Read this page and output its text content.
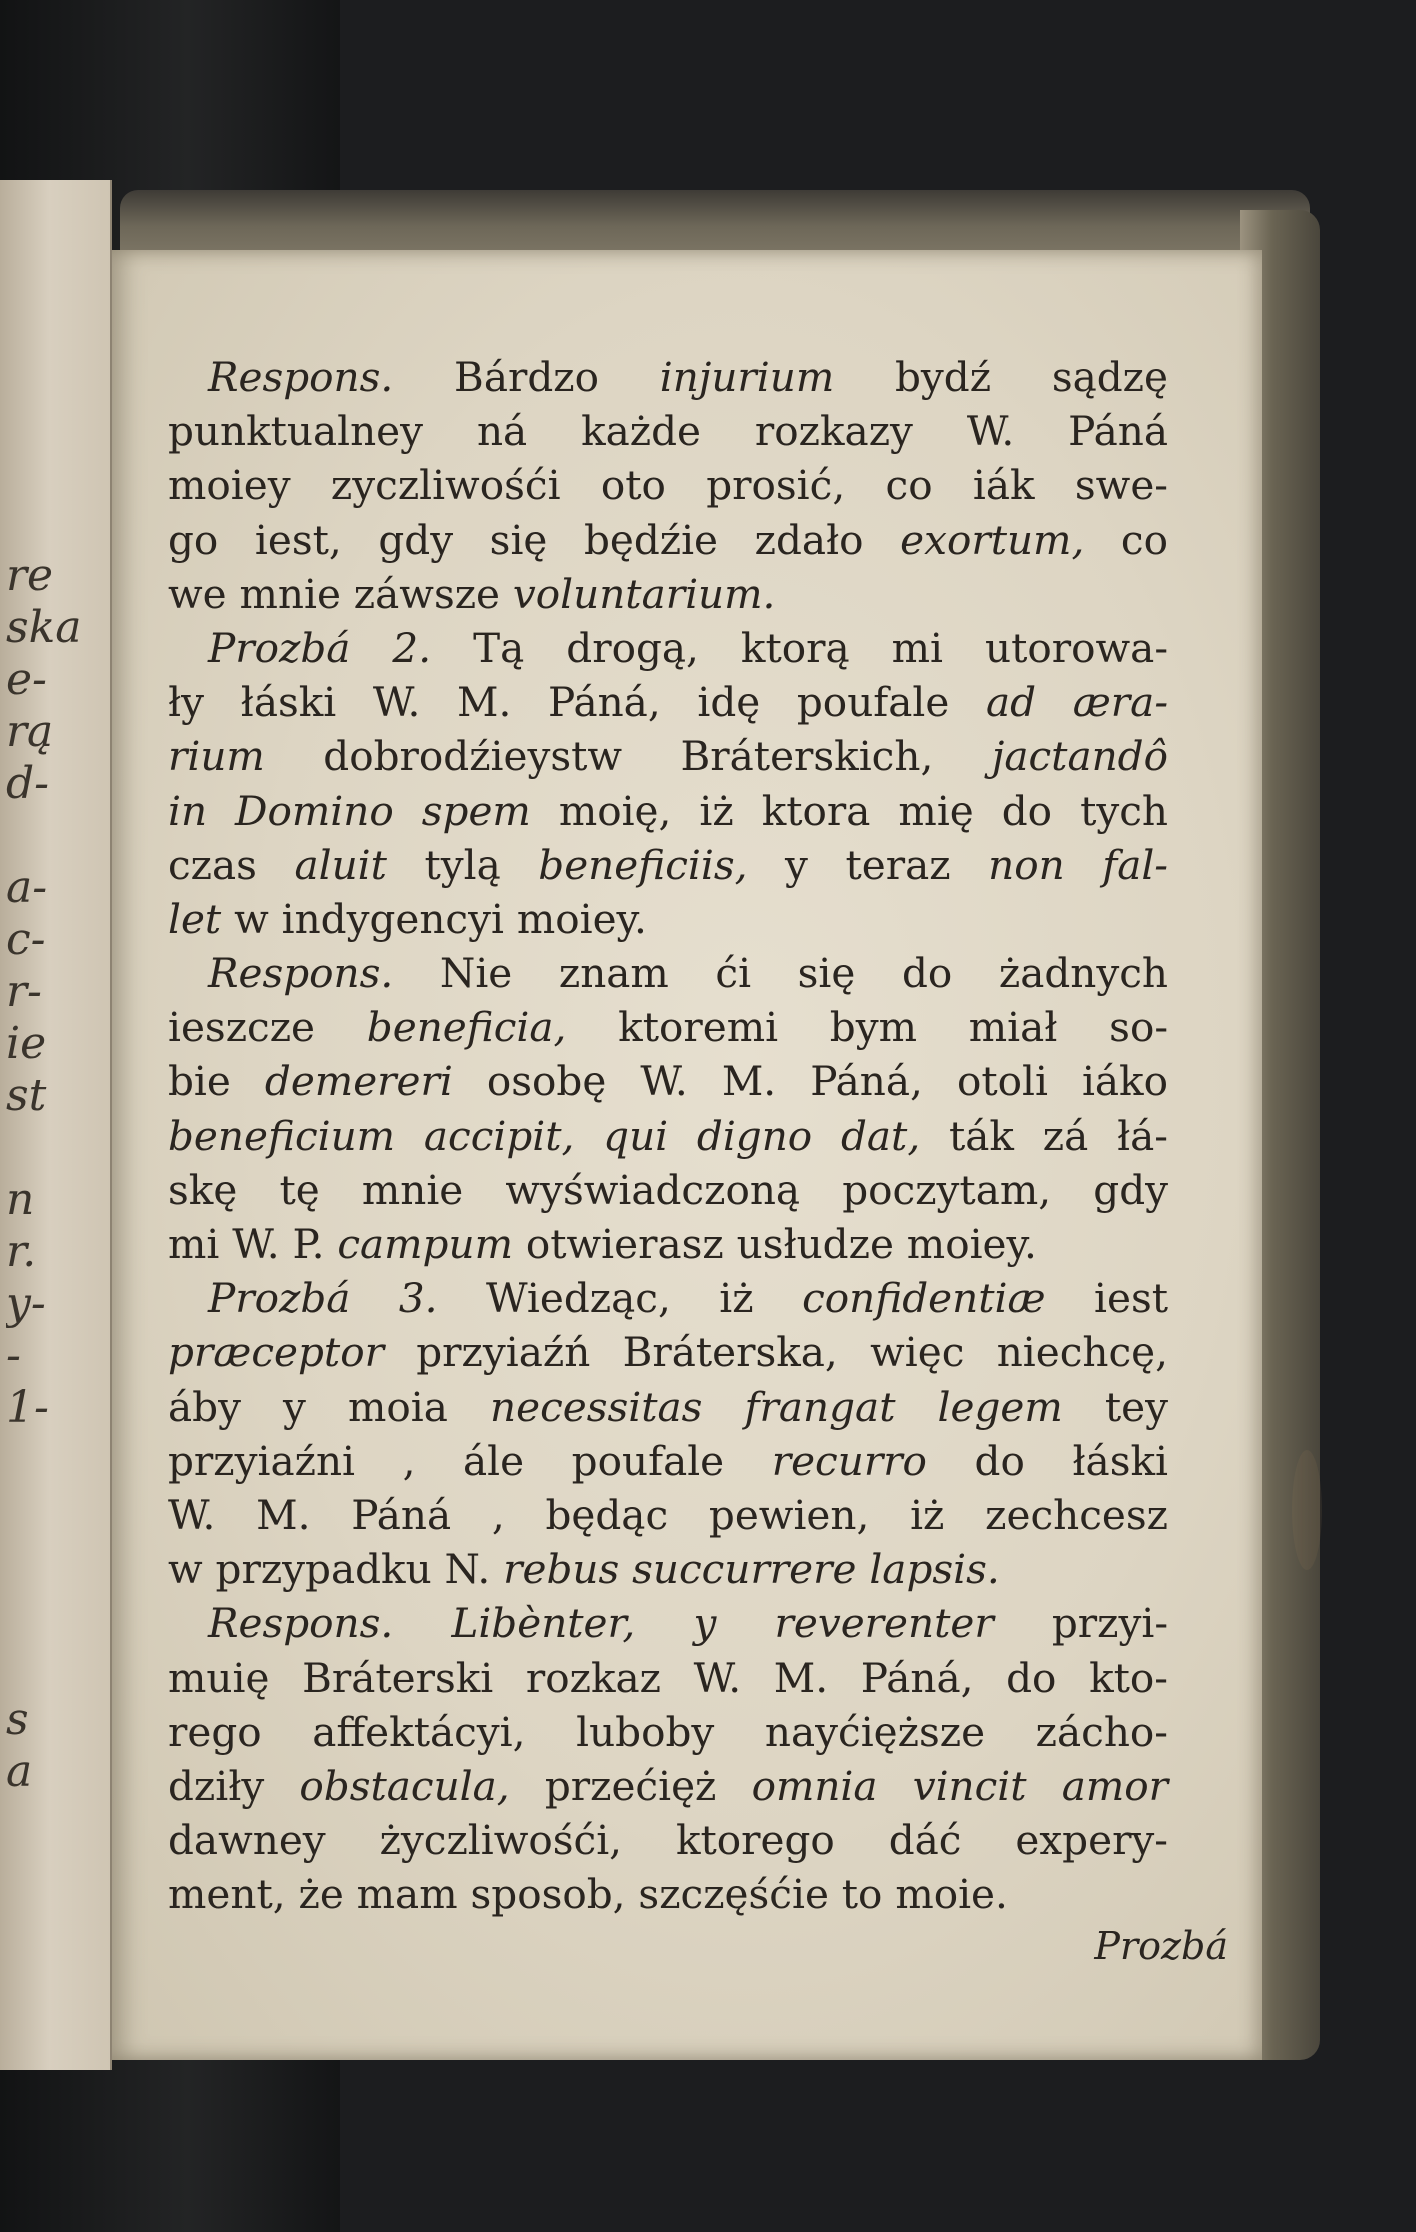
re
ska
e-
rą
d-
a-
c-
r-
ie
st
n
r.
y-
-
1-
s
a
Respons. Bárdzo injurium bydź sądzę
punktualney ná każde rozkazy W. Páná
moiey zyczliwośći oto prosić, co iák swe-
go iest, gdy się będźie zdało exortum, co
we mnie záwsze voluntarium.
Prozbá 2. Tą drogą, ktorą mi utorowa-
ły łáski W. M. Páná, idę poufale ad æra-
rium dobrodźieystw Bráterskich, jactandô
in Domino spem moię, iż ktora mię do tych
czas aluit tylą beneficiis, y teraz non fal-
let w indygencyi moiey.
Respons. Nie znam ći się do żadnych
ieszcze beneficia, ktoremi bym miał so-
bie demereri osobę W. M. Páná, otoli iáko
beneficium accipit, qui digno dat, ták zá łá-
skę tę mnie wyświadczoną poczytam, gdy
mi W. P. campum otwierasz usłudze moiey.
Prozbá 3. Wiedząc, iż confidentiæ iest
præceptor przyiaźń Bráterska, więc niechcę,
áby y moia necessitas frangat legem tey
przyiaźni , ále poufale recurro do łáski
W. M. Páná , będąc pewien, iż zechcesz
w przypadku N. rebus succurrere lapsis.
Respons. Libènter, y reverenter przyi-
muię Bráterski rozkaz W. M. Páná, do kto-
rego affektácyi, luboby nayćięższe zácho-
dziły obstacula, przećięż omnia vincit amor
dawney życzliwośći, ktorego dáć expery-
ment, że mam sposob, szczęśćie to moie.
Prozbá
